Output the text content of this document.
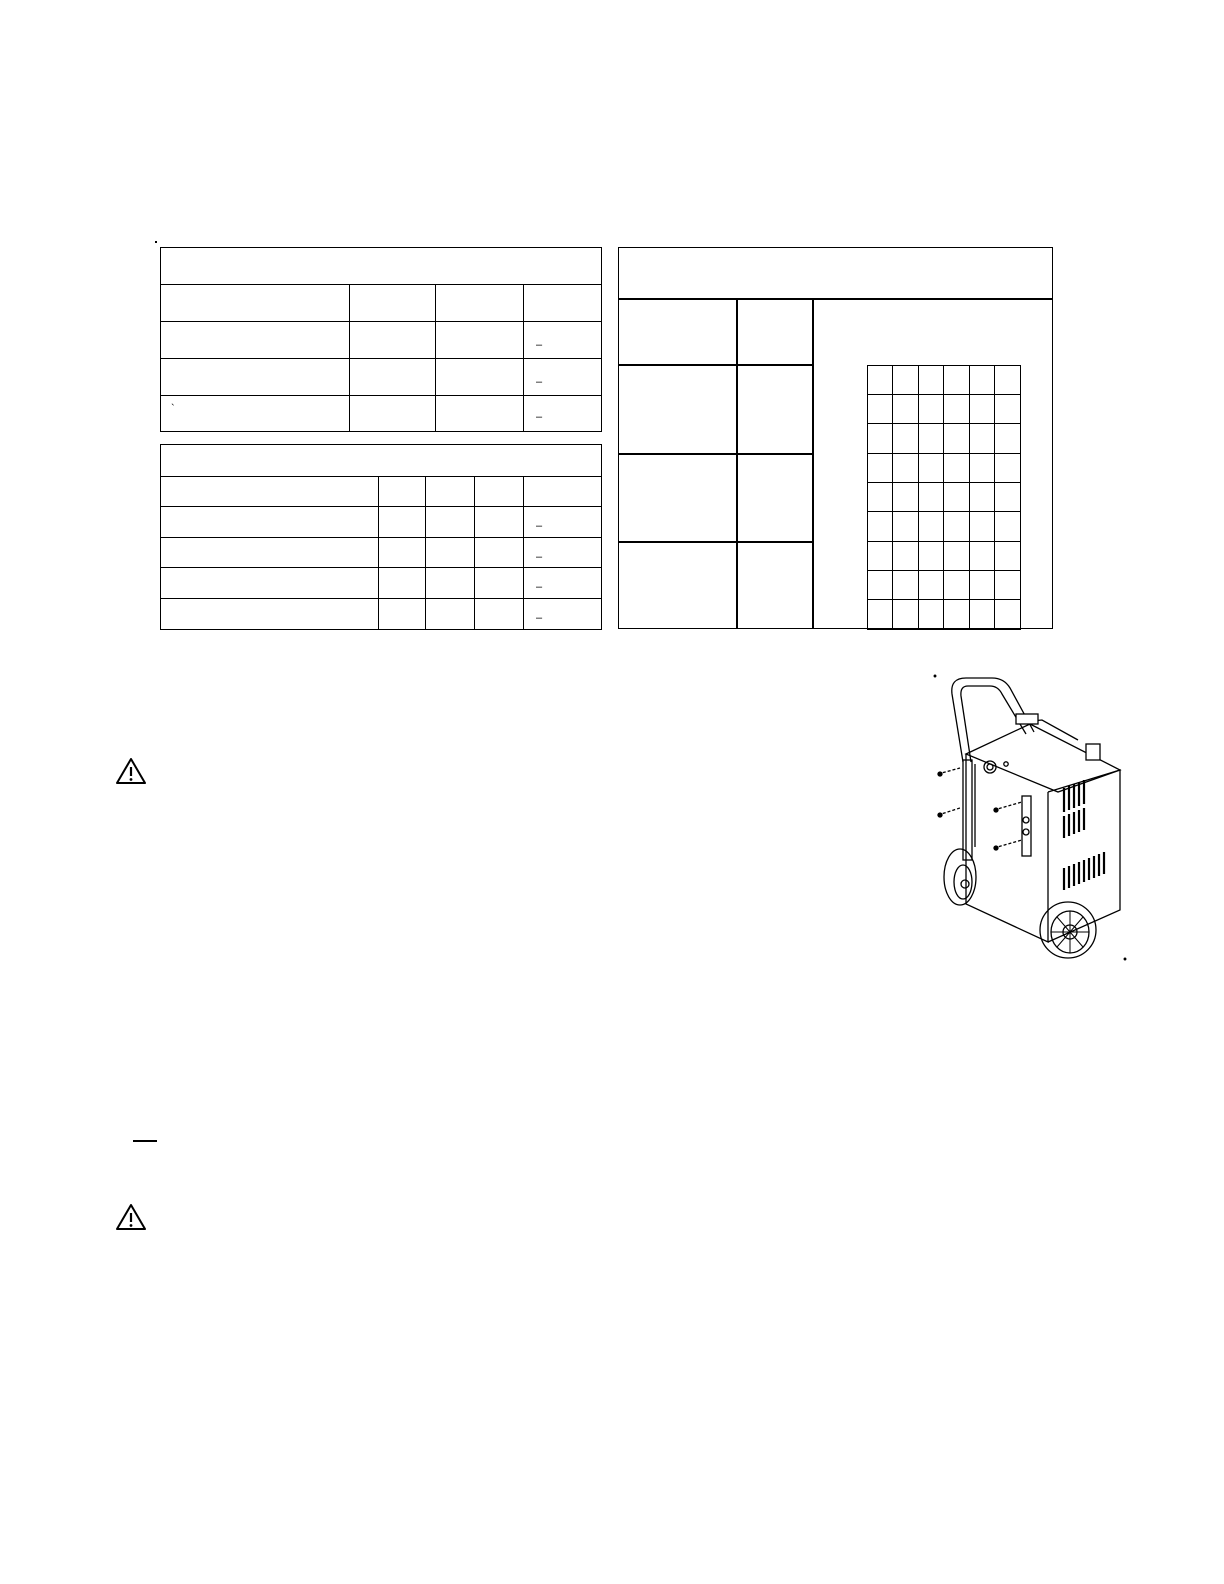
			–

			–

`			–

				–

				–

				–

				–
